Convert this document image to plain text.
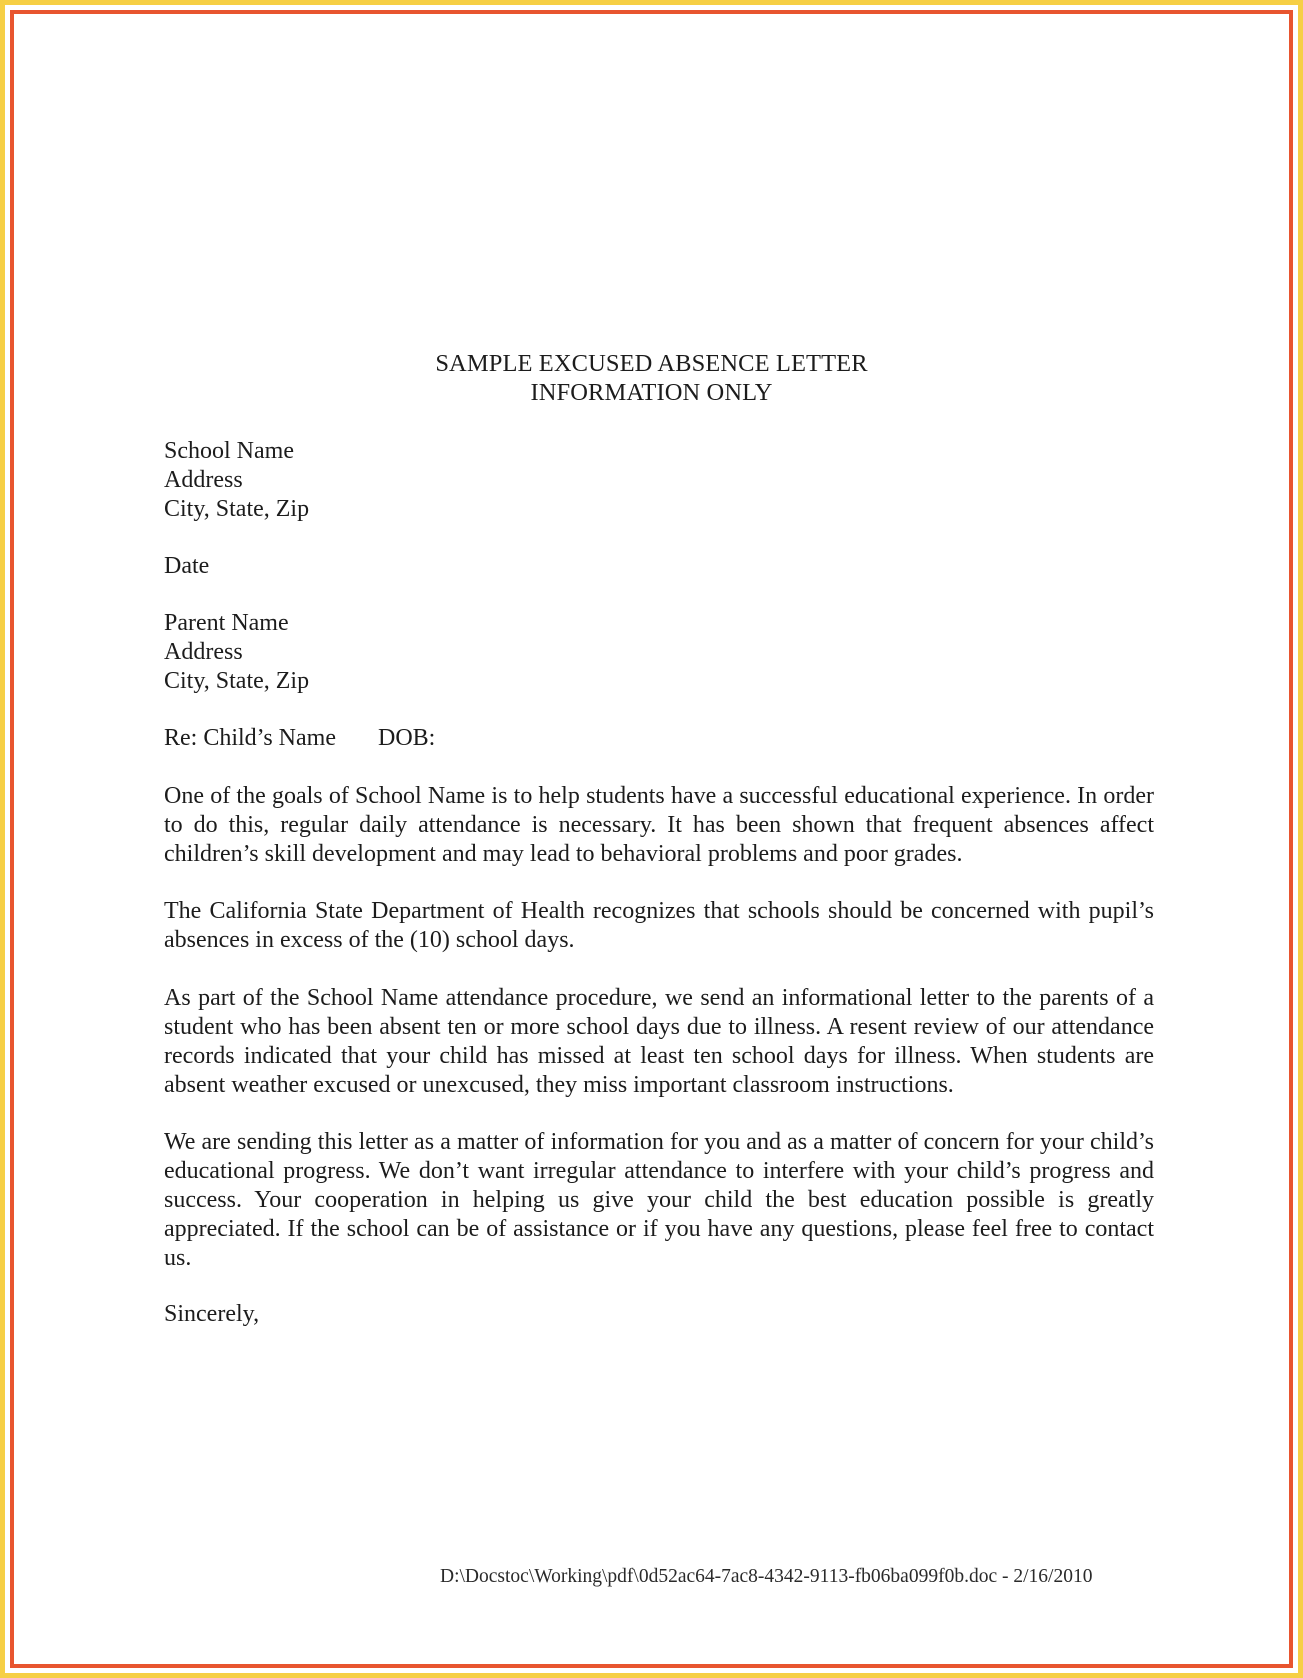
SAMPLE EXCUSED ABSENCE LETTER
INFORMATION ONLY
School Name
Address
City, State, Zip
Date
Parent Name
Address
City, State, Zip
Re: Child’s Name DOB:

One of the goals of School Name is to help students have a successful educational experience. In order to do this, regular daily attendance is necessary. It has been shown that frequent absences affect children’s skill development and may lead to behavioral problems and poor grades.

The California State Department of Health recognizes that schools should be concerned with pupil’s absences in excess of the (10) school days.

As part of the School Name attendance procedure, we send an informational letter to the parents of a student who has been absent ten or more school days due to illness. A resent review of our attendance records indicated that your child has missed at least ten school days for illness. When students are absent weather excused or unexcused, they miss important classroom instructions.

We are sending this letter as a matter of information for you and as a matter of concern for your child’s educational progress. We don’t want irregular attendance to interfere with your child’s progress and success. Your cooperation in helping us give your child the best education possible is greatly appreciated. If the school can be of assistance or if you have any questions, please feel free to contact us.

Sincerely,
D:\Docstoc\Working\pdf\0d52ac64-7ac8-4342-9113-fb06ba099f0b.doc - 2/16/2010
